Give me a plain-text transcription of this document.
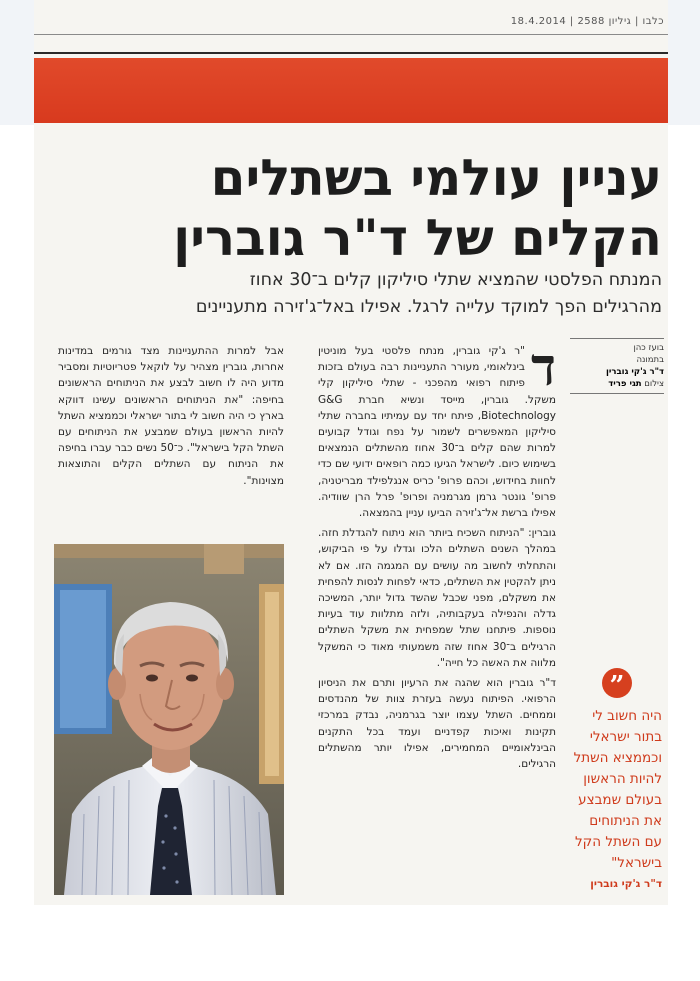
כלבו | גיליון 2588 | 18.4.2014
עניין עולמי בשתלים
הקלים של ד"ר גוברין

המנתח הפלסטי שהמציא שתלי סיליקון קלים ב־30 אחוז
מהרגילים הפך למוקד עלייה לרגל. אפילו באל־ג'זירה מתעניינים

בועז כהן
בתמונה
ד"ר ג'קי גוברין
צילום תגי פריד
ד

"ר ג'קי גוברין, מנתח פלסטי בעל מוניטין בינלאומי, מעורר התעניינות רבה בעולם בזכות פיתוח רפואי מהפכני - שתלי סיליקון קלי משקל. גוברין, מייסד ונשיא חברת G&G Biotechnology, פיתח יחד עם עמיתיו בחברה שתלי סיליקון המאפשרים לשמור על נפח וגודל קבועים למרות שהם קלים ב־30 אחוז מהשתלים הנמצאים בשימוש כיום. לישראל הגיעו כמה רופאים ידועי שם כדי לחוות בחידוש, וכהם פרופ' כריס אנגלפילד מבריטניה, פרופ' גונטר גרמן מגרמניה ופרופ' פרל הרן שוודיה. אפילו ברשת אל־ג'זירה הביעו עניין בהמצאה.

גוברין: "הניתוח השכיח ביותר הוא ניתוח להגדלת חזה. במהלך השנים השתלים הלכו וגדלו על פי הביקוש, והתחלתי לחשוב מה עושים עם המגמה הזו. אם לא ניתן להקטין את השתלים, כדאי לפחות לנסות להפחית את משקלם, מפני שכבל שהשד גדול יותר, המשיכה גדלה והנפילה בעקבותיה, ולזה מתלוות עוד בעיות נוספות. פיתחנו שתל שמפחית את משקל השתלים הרגילים ב־30 אחוז שזה משמעותי מאוד כי המשקל מלווה את האשה כל חייה".

ד"ר גוברין הוא שהגה את הרעיון ותרם את הניסיון הרפואי. הפיתוח נעשה בעזרת צוות של מהנדסים וממחים. השתל עצמו יוצר בגרמניה, נבדק במרכזי תקינות ואיכות קפדניים ועמד בכל התקנים הבינלאומיים המחמירים, אפילו יותר מהשתלים הרגילים.

אבל למרות ההתעניינות מצד גורמים במדינות אחרות, גוברין מצהיר על לוקאל פטריוטיות ומסביר מדוע היה לו חשוב לבצע את הניתוחים הראשונים בחיפה: "את הניתוחים הראשונים עשינו דווקא בארץ כי היה חשוב לי בתור ישראלי וכממציא השתל להיות הראשון בעולם שמבצע את הניתוחים עם השתל הקל בישראל". כ־50 נשים כבר עברו בחיפה את הניתוח עם השתלים הקלים והתוצאות מצוינות".

”

היה חשוב לי בתור ישראלי וכממציא השתל להיות הראשון בעולם שמבצע את הניתוחים עם השתל הקל בישראל"

ד"ר ג'קי גוברין
